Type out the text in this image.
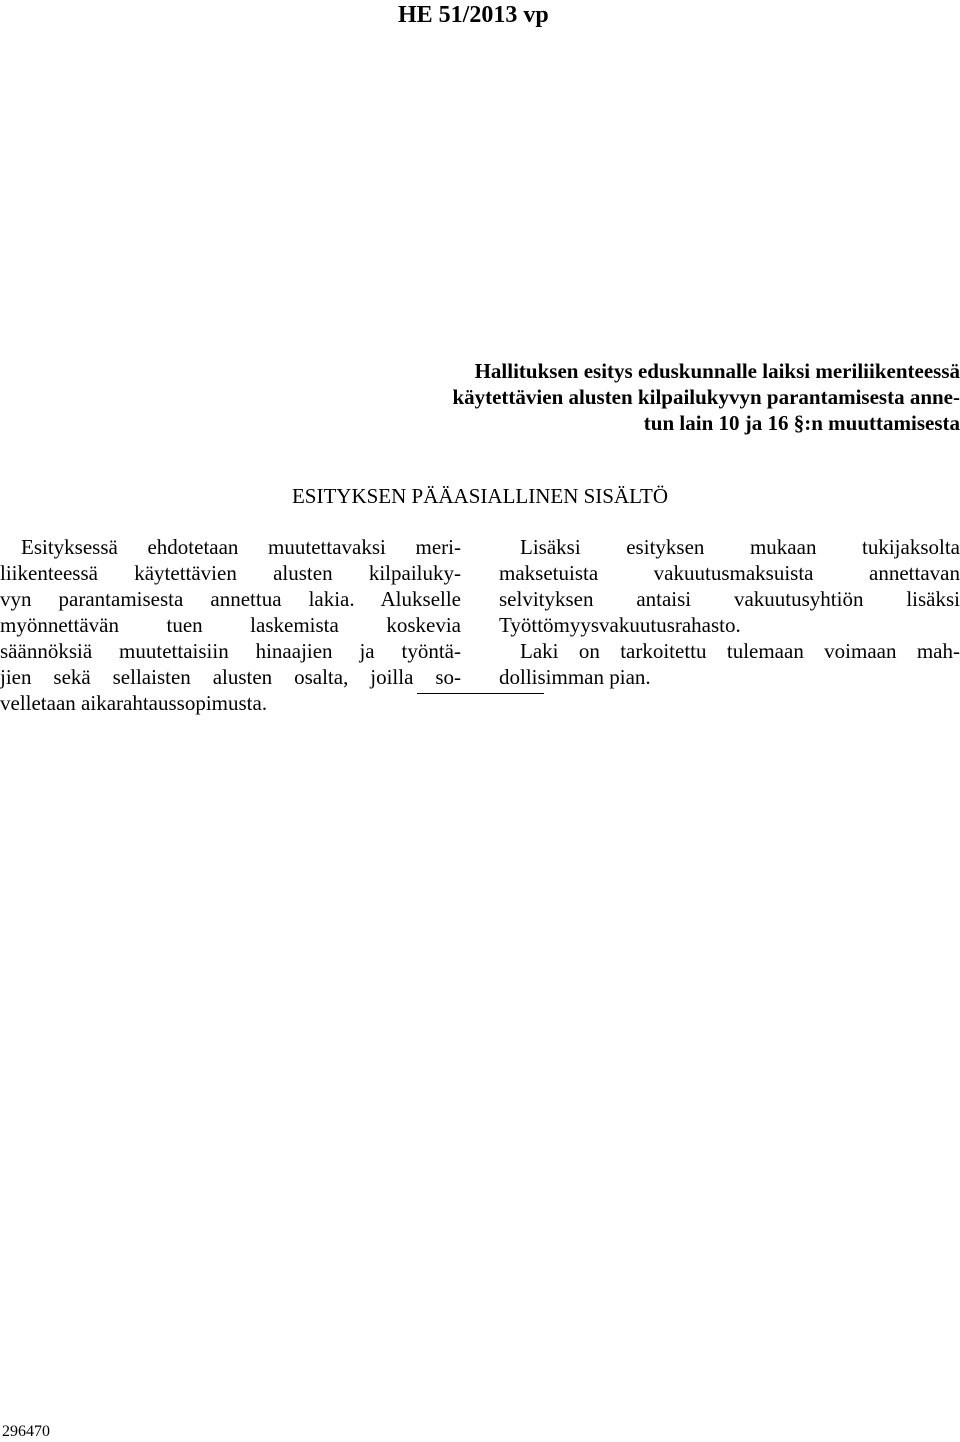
HE 51/2013 vp
Hallituksen esitys eduskunnalle laiksi meriliikenteessä
käytettävien alusten kilpailukyvyn parantamisesta anne-
tun lain 10 ja 16 §:n muuttamisesta
ESITYKSEN PÄÄASIALLINEN SISÄLTÖ
Esityksessä ehdotetaan muutettavaksi meri-
liikenteessä käytettävien alusten kilpailuky-
vyn parantamisesta annettua lakia. Alukselle
myönnettävän tuen laskemista koskevia
säännöksiä muutettaisiin hinaajien ja työntä-
jien sekä sellaisten alusten osalta, joilla so-
velletaan aikarahtaussopimusta.
Lisäksi esityksen mukaan tukijaksolta
maksetuista vakuutusmaksuista annettavan
selvityksen antaisi vakuutusyhtiön lisäksi
Työttömyysvakuutusrahasto.
Laki on tarkoitettu tulemaan voimaan mah-
dollisimman pian.
296470
